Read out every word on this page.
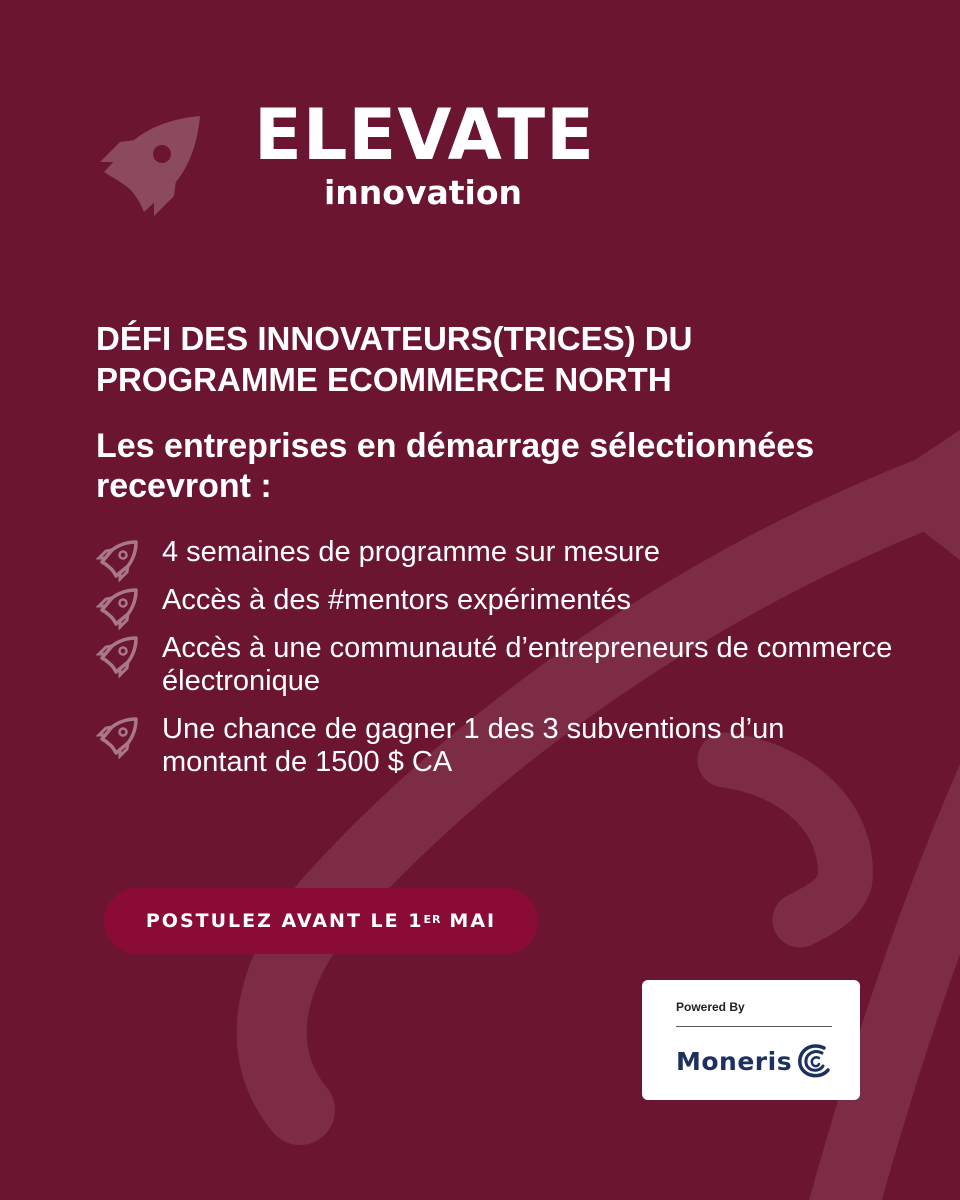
ELEVATE
innovation
DÉFI DES INNOVATEURS(TRICES) DU PROGRAMME ECOMMERCE NORTH
Les entreprises en démarrage sélectionnées recevront :
4 semaines de programme sur mesure
Accès à des #mentors expérimentés
Accès à une communauté d’entrepreneurs de commerce électronique
Une chance de gagner 1 des 3 subventions d’un montant de 1500 $ CA
POSTULEZ AVANT LE 1ER MAI
Powered By
Moneris
